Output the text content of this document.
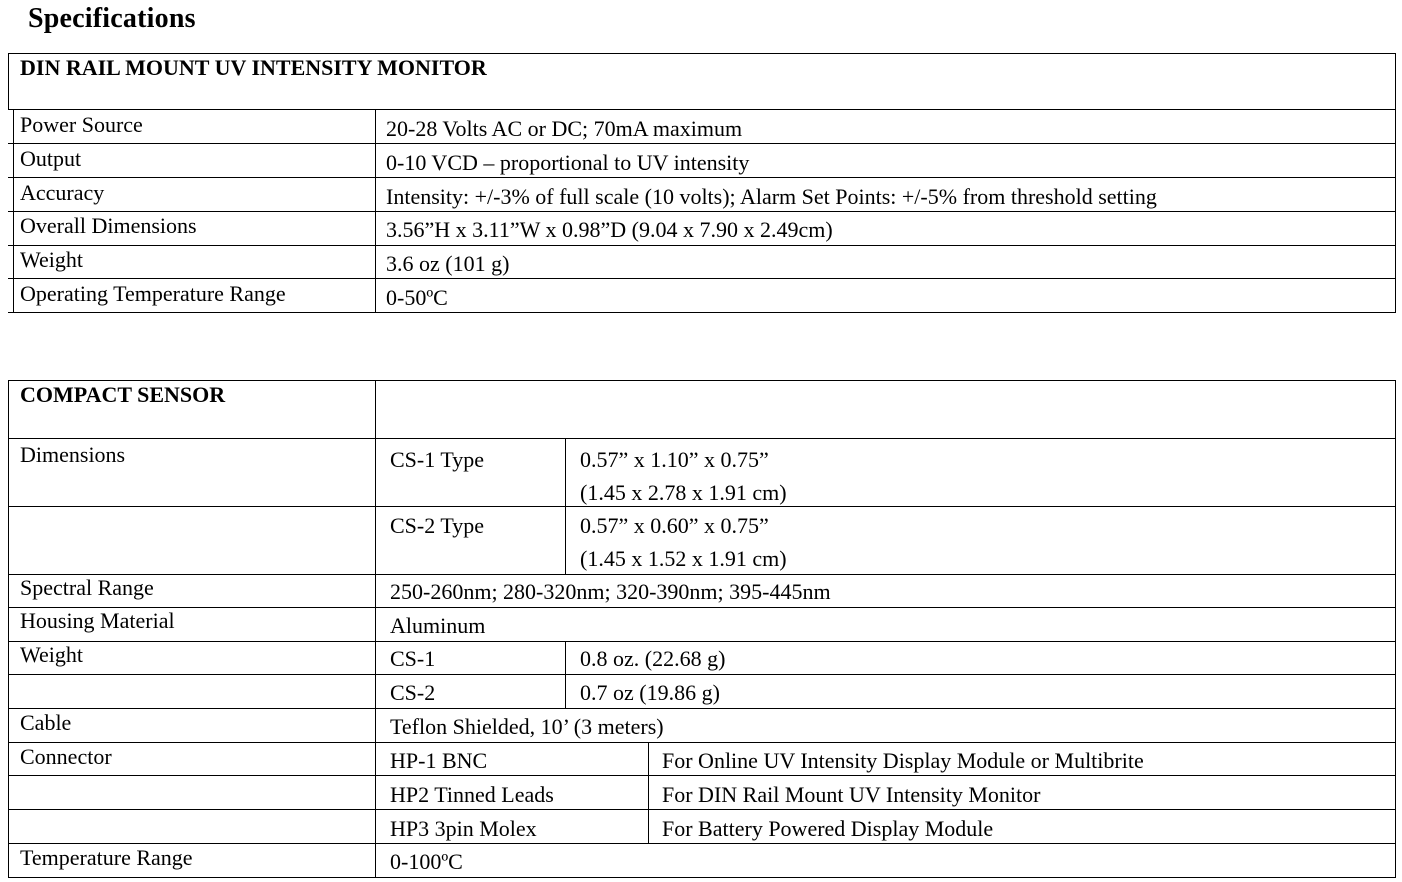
Specifications
DIN RAIL MOUNT UV INTENSITY MONITOR
Power Source	20-28 Volts AC or DC; 70mA maximum
Output	0-10 VCD – proportional to UV intensity
Accuracy	Intensity: +/-3% of full scale (10 volts); Alarm Set Points: +/-5% from threshold setting
Overall Dimensions	3.56”H x 3.11”W x 0.98”D (9.04 x 7.90 x 2.49cm)
Weight	3.6 oz (101 g)
Operating Temperature Range	0-50ºC
COMPACT SENSOR
Dimensions	CS-1 Type	0.57” x 1.10” x 0.75”
(1.45 x 2.78 x 1.91 cm)
CS-2 Type	0.57” x 0.60” x 0.75”
(1.45 x 1.52 x 1.91 cm)
Spectral Range	250-260nm; 280-320nm; 320-390nm; 395-445nm
Housing Material	Aluminum
Weight	CS-1	0.8 oz. (22.68 g)
CS-2	0.7 oz (19.86 g)
Cable	Teflon Shielded, 10’ (3 meters)
Connector	HP-1 BNC	For Online UV Intensity Display Module or Multibrite
HP2 Tinned Leads	For DIN Rail Mount UV Intensity Monitor
HP3 3pin Molex	For Battery Powered Display Module
Temperature Range	0-100ºC
